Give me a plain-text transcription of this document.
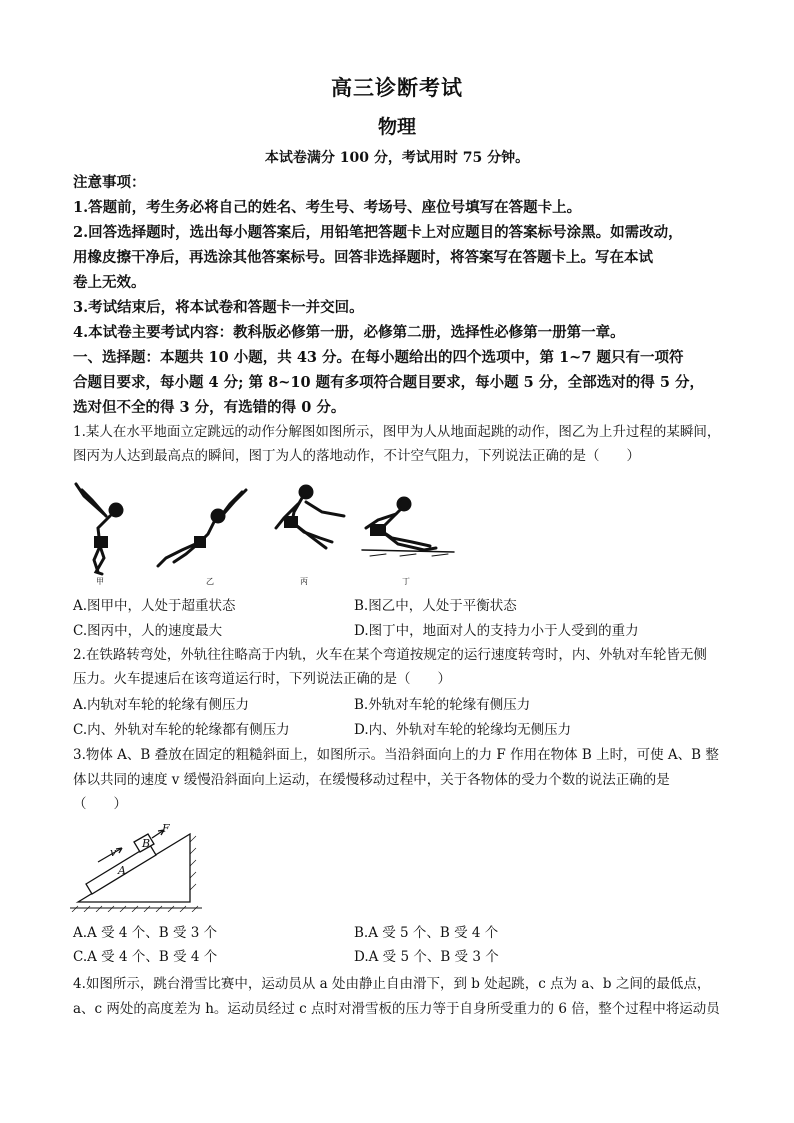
高三诊断考试
物理
本试卷满分 100 分，考试用时 75 分钟。
注意事项：
1.答题前，考生务必将自己的姓名、考生号、考场号、座位号填写在答题卡上。
2.回答选择题时，选出每小题答案后，用铅笔把答题卡上对应题目的答案标号涂黑。如需改动，
用橡皮擦干净后，再选涂其他答案标号。回答非选择题时，将答案写在答题卡上。写在本试
卷上无效。
3.考试结束后，将本试卷和答题卡一并交回。
4.本试卷主要考试内容：教科版必修第一册，必修第二册，选择性必修第一册第一章。
一、选择题：本题共 10 小题，共 43 分。在每小题给出的四个选项中，第 1~7 题只有一项符
合题目要求，每小题 4 分; 第 8~10 题有多项符合题目要求，每小题 5 分，全部选对的得 5 分，
选对但不全的得 3 分，有选错的得 0 分。
1.某人在水平地面立定跳远的动作分解图如图所示，图甲为人从地面起跳的动作，图乙为上升过程的某瞬间，
图丙为人达到最高点的瞬间，图丁为人的落地动作，不计空气阻力，下列说法正确的是（　　）
甲	乙	丙	丁
A.图甲中，人处于超重状态	B.图乙中，人处于平衡状态
C.图丙中，人的速度最大	D.图丁中，地面对人的支持力小于人受到的重力
2.在铁路转弯处，外轨往往略高于内轨，火车在某个弯道按规定的运行速度转弯时，内、外轨对车轮皆无侧
压力。火车提速后在该弯道运行时，下列说法正确的是（　　）
A.内轨对车轮的轮缘有侧压力	B.外轨对车轮的轮缘有侧压力
C.内、外轨对车轮的轮缘都有侧压力	D.内、外轨对车轮的轮缘均无侧压力
3.物体 A、B 叠放在固定的粗糙斜面上，如图所示。当沿斜面向上的力 F 作用在物体 B 上时，可使 A、B 整
体以共同的速度 v 缓慢沿斜面向上运动，在缓慢移动过程中，关于各物体的受力个数的说法正确的是
（　　）
B
A
F
v
A.A 受 4 个、B 受 3 个	B.A 受 5 个、B 受 4 个
C.A 受 4 个、B 受 4 个	D.A 受 5 个、B 受 3 个
4.如图所示，跳台滑雪比赛中，运动员从 a 处由静止自由滑下，到 b 处起跳，c 点为 a、b 之间的最低点，
a、c 两处的高度差为 h。运动员经过 c 点时对滑雪板的压力等于自身所受重力的 6 倍，整个过程中将运动员
